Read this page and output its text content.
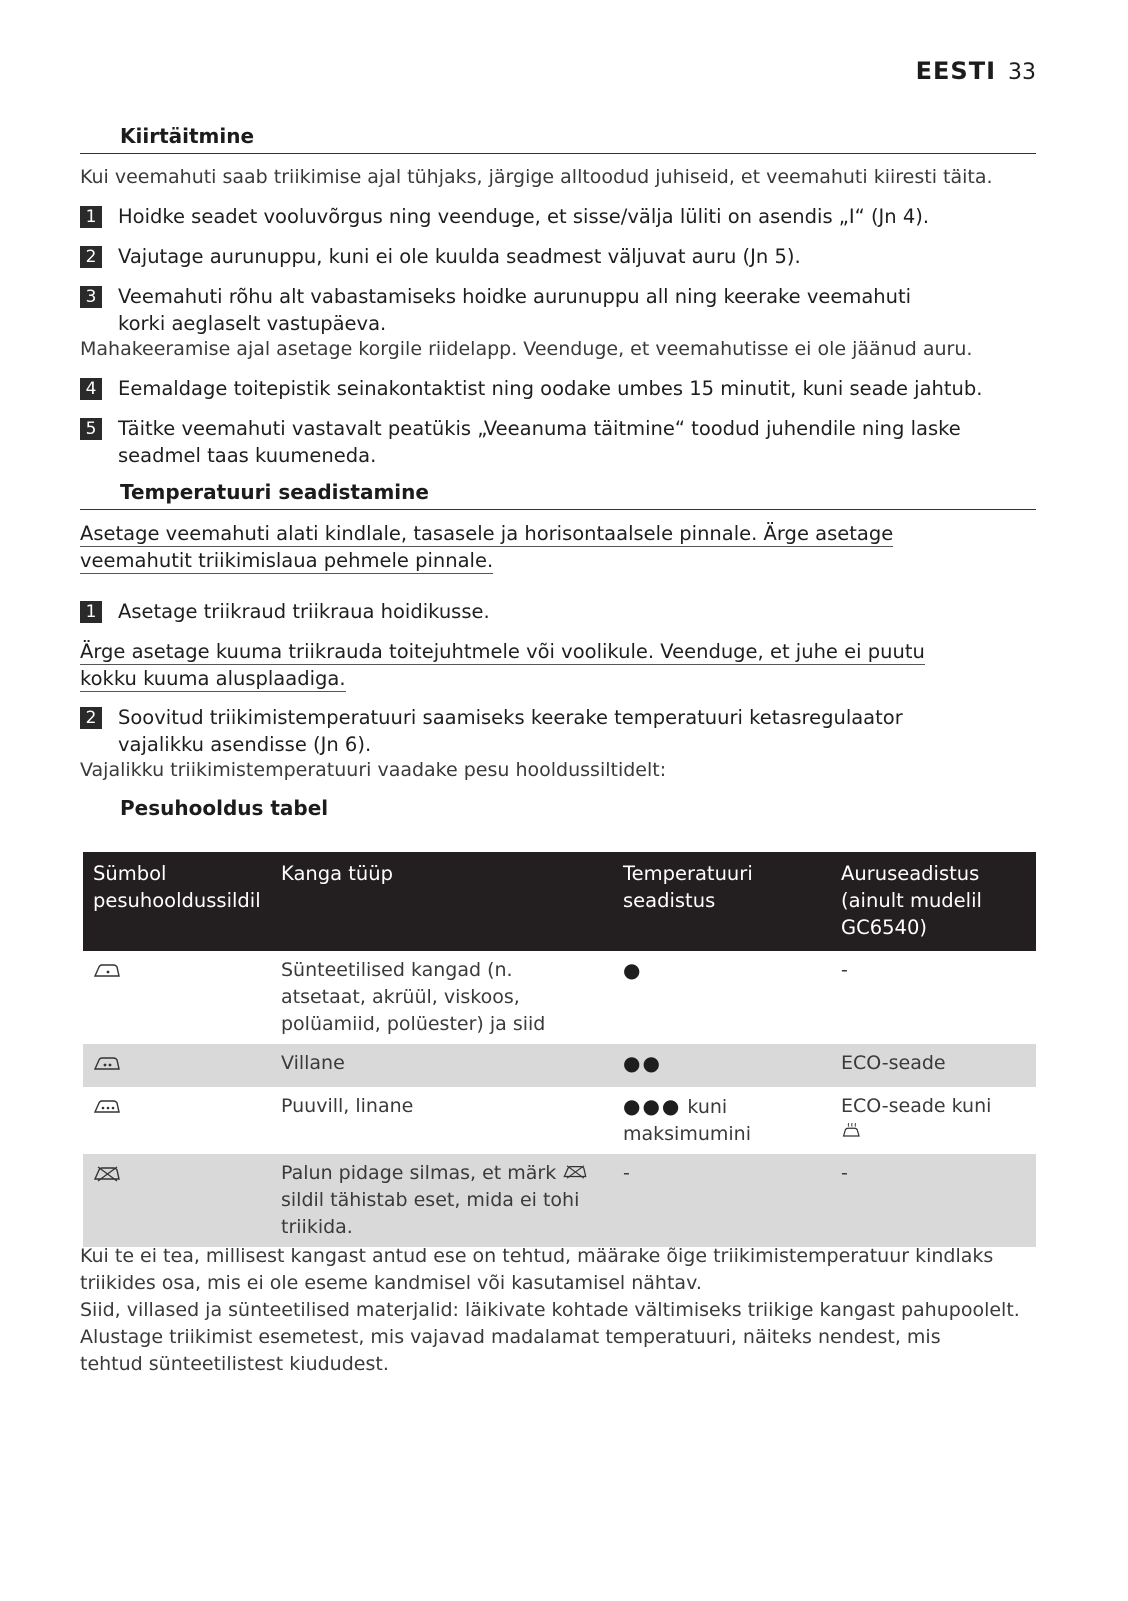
EESTI 33
Kiirtäitmine
Kui veemahuti saab triikimise ajal tühjaks, järgige alltoodud juhiseid, et veemahuti kiiresti täita.
1 Hoidke seadet vooluvõrgus ning veenduge, et sisse/välja lüliti on asendis „I“ (Jn 4).
2 Vajutage aurunuppu, kuni ei ole kuulda seadmest väljuvat auru (Jn 5).
3 Veemahuti rõhu alt vabastamiseks hoidke aurunuppu all ning keerake veemahuti korki aeglaselt vastupäeva.
Mahakeeramise ajal asetage korgile riidelapp. Veenduge, et veemahutisse ei ole jäänud auru.
4 Eemaldage toitepistik seinakontaktist ning oodake umbes 15 minutit, kuni seade jahtub.
5 Täitke veemahuti vastavalt peatükis „Veeanuma täitmine“ toodud juhendile ning laske seadmel taas kuumeneda.
Temperatuuri seadistamine
Asetage veemahuti alati kindlale, tasasele ja horisontaalsele pinnale. Ärge asetage veemahutit triikimislaua pehmele pinnale.
1 Asetage triikraud triikraua hoidikusse.
Ärge asetage kuuma triikrauda toitejuhtmele või voolikule. Veenduge, et juhe ei puutu kokku kuuma alusplaadiga.
2 Soovitud triikimistemperatuuri saamiseks keerake temperatuuri ketasregulaator vajalikku asendisse (Jn 6).
Vajalikku triikimistemperatuuri vaadake pesu hooldussiltidelt:
Pesuhooldus tabel
Sümbol pesuhooldussildil	Kanga tüüp	Temperatuuri seadistus	Auruseadistus (ainult mudelil GC6540)
	Sünteetilised kangad (n. atsetaat, akrüül, viskoos, polüamiid, polüester) ja siid	●	-
	Villane	●●	ECO-seade
	Puuvill, linane	●●● kuni maksimumini	ECO-seade kuni

	Palun pidage silmas, et märk  sildil tähistab eset, mida ei tohi triikida.	-	-
Kui te ei tea, millisest kangast antud ese on tehtud, määrake õige triikimistemperatuur kindlaks triikides osa, mis ei ole eseme kandmisel või kasutamisel nähtav.
Siid, villased ja sünteetilised materjalid: läikivate kohtade vältimiseks triikige kangast pahupoolelt.
Alustage triikimist esemetest, mis vajavad madalamat temperatuuri, näiteks nendest, mis tehtud sünteetilistest kiududest.
